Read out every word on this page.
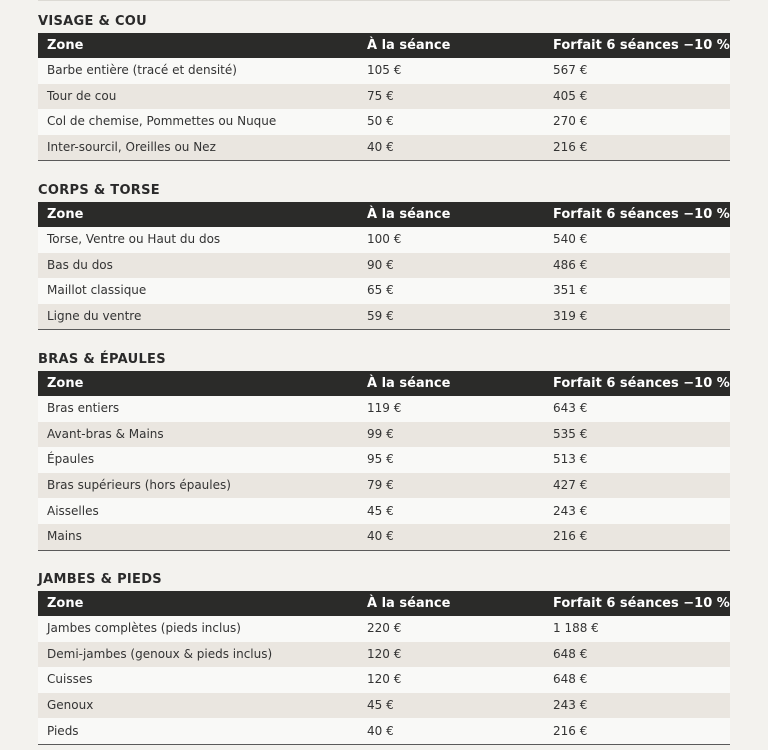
VISAGE & COU
Zone	À la séance	Forfait 6 séances −10 %
Barbe entière (tracé et densité)	105 €	567 €
Tour de cou	75 €	405 €
Col de chemise, Pommettes ou Nuque	50 €	270 €
Inter-sourcil, Oreilles ou Nez	40 €	216 €
CORPS & TORSE
Zone	À la séance	Forfait 6 séances −10 %
Torse, Ventre ou Haut du dos	100 €	540 €
Bas du dos	90 €	486 €
Maillot classique	65 €	351 €
Ligne du ventre	59 €	319 €
BRAS & ÉPAULES
Zone	À la séance	Forfait 6 séances −10 %
Bras entiers	119 €	643 €
Avant-bras & Mains	99 €	535 €
Épaules	95 €	513 €
Bras supérieurs (hors épaules)	79 €	427 €
Aisselles	45 €	243 €
Mains	40 €	216 €
JAMBES & PIEDS
Zone	À la séance	Forfait 6 séances −10 %
Jambes complètes (pieds inclus)	220 €	1 188 €
Demi-jambes (genoux & pieds inclus)	120 €	648 €
Cuisses	120 €	648 €
Genoux	45 €	243 €
Pieds	40 €	216 €
